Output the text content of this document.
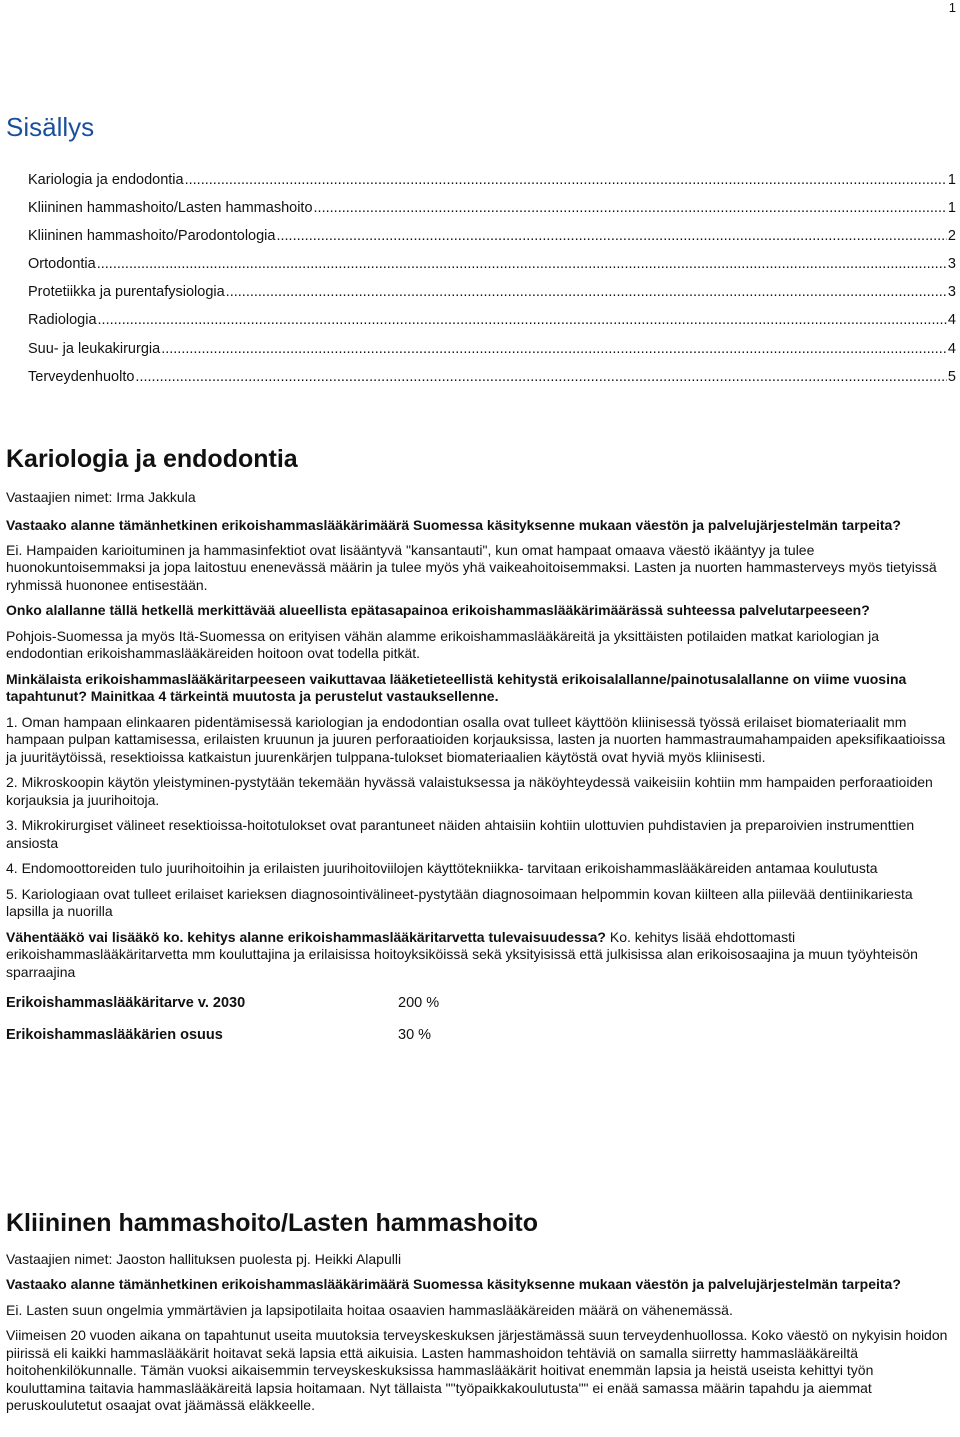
1
Sisällys
Kariologia ja endodontia .....	1
Kliininen hammashoito/Lasten hammashoito .....	1
Kliininen hammashoito/Parodontologia .....	2
Ortodontia .....	3
Protetiikka ja purentafysiologia .....	3
Radiologia .....	4
Suu- ja leukakirurgia .....	4
Terveydenhuolto .....	5
Kariologia ja endodontia

Vastaajien nimet: Irma Jakkula

Vastaako alanne tämänhetkinen erikoishammaslääkärimäärä Suomessa käsityksenne mukaan väestön ja palvelujärjestelmän tarpeita?

Ei. Hampaiden karioituminen ja hammasinfektiot ovat lisääntyvä "kansantauti", kun omat hampaat omaava väestö ikääntyy ja tulee huonokuntoisemmaksi ja jopa laitostuu enenevässä määrin ja tulee myös yhä vaikeahoitoisemmaksi. Lasten ja nuorten hammasterveys myös tietyissä ryhmissä huononee entisestään.

Onko alallanne tällä hetkellä merkittävää alueellista epätasapainoa erikoishammaslääkärimäärässä suhteessa palvelutarpeeseen?

Pohjois-Suomessa ja myös Itä-Suomessa on erityisen vähän alamme erikoishammaslääkäreitä ja yksittäisten potilaiden matkat kariologian ja endodontian erikoishammaslääkäreiden hoitoon ovat todella pitkät.

Minkälaista erikoishammaslääkäritarpeeseen vaikuttavaa lääketieteellistä kehitystä erikoisalallanne/painotusalallanne on viime vuosina tapahtunut? Mainitkaa 4 tärkeintä muutosta ja perustelut vastauksellenne.

1. Oman hampaan elinkaaren pidentämisessä kariologian ja endodontian osalla ovat tulleet käyttöön kliinisessä työssä erilaiset biomateriaalit mm hampaan pulpan kattamisessa, erilaisten kruunun ja juuren perforaatioiden korjauksissa, lasten ja nuorten hammastraumahampaiden apeksifikaatioissa ja juuritäytöissä, resektioissa katkaistun juurenkärjen tulppana-tulokset biomateriaalien käytöstä ovat hyviä myös kliinisesti.

2. Mikroskoopin käytön yleistyminen-pystytään tekemään hyvässä valaistuksessa ja näköyhteydessä vaikeisiin kohtiin mm hampaiden perforaatioiden korjauksia ja juurihoitoja.

3. Mikrokirurgiset välineet resektioissa-hoitotulokset ovat parantuneet näiden ahtaisiin kohtiin ulottuvien puhdistavien ja preparoivien instrumenttien ansiosta

4. Endomoottoreiden tulo juurihoitoihin ja erilaisten juurihoitoviilojen käyttötekniikka- tarvitaan erikoishammaslääkäreiden antamaa koulutusta

5. Kariologiaan ovat tulleet erilaiset karieksen diagnosointivälineet-pystytään diagnosoimaan helpommin kovan kiilteen alla piilevää dentiinikariesta lapsilla ja nuorilla

Vähentääkö vai lisääkö ko. kehitys alanne erikoishammaslääkäritarvetta tulevaisuudessa? Ko. kehitys lisää ehdottomasti erikoishammaslääkäritarvetta mm kouluttajina ja erilaisissa hoitoyksiköissä sekä yksityisissä että julkisissa alan erikoisosaajina ja muun työyhteisön sparraajina

Erikoishammaslääkäritarve v. 2030	200 %
Erikoishammaslääkärien osuus	30 %
Kliininen hammashoito/Lasten hammashoito

Vastaajien nimet: Jaoston hallituksen puolesta pj. Heikki Alapulli

Vastaako alanne tämänhetkinen erikoishammaslääkärimäärä Suomessa käsityksenne mukaan väestön ja palvelujärjestelmän tarpeita?

Ei. Lasten suun ongelmia ymmärtävien ja lapsipotilaita hoitaa osaavien hammaslääkäreiden määrä on vähenemässä.

Viimeisen 20 vuoden aikana on tapahtunut useita muutoksia terveyskeskuksen järjestämässä suun terveydenhuollossa. Koko väestö on nykyisin hoidon piirissä eli kaikki hammaslääkärit hoitavat sekä lapsia että aikuisia. Lasten hammashoidon tehtäviä on samalla siirretty hammaslääkäreiltä hoitohenkilökunnalle. Tämän vuoksi aikaisemmin terveyskeskuksissa hammaslääkärit hoitivat enemmän lapsia ja heistä useista kehittyi työn kouluttamina taitavia hammaslääkäreitä lapsia hoitamaan. Nyt tällaista ""työpaikkakoulutusta"" ei enää samassa määrin tapahdu ja aiemmat peruskoulutetut osaajat ovat jäämässä eläkkeelle.
